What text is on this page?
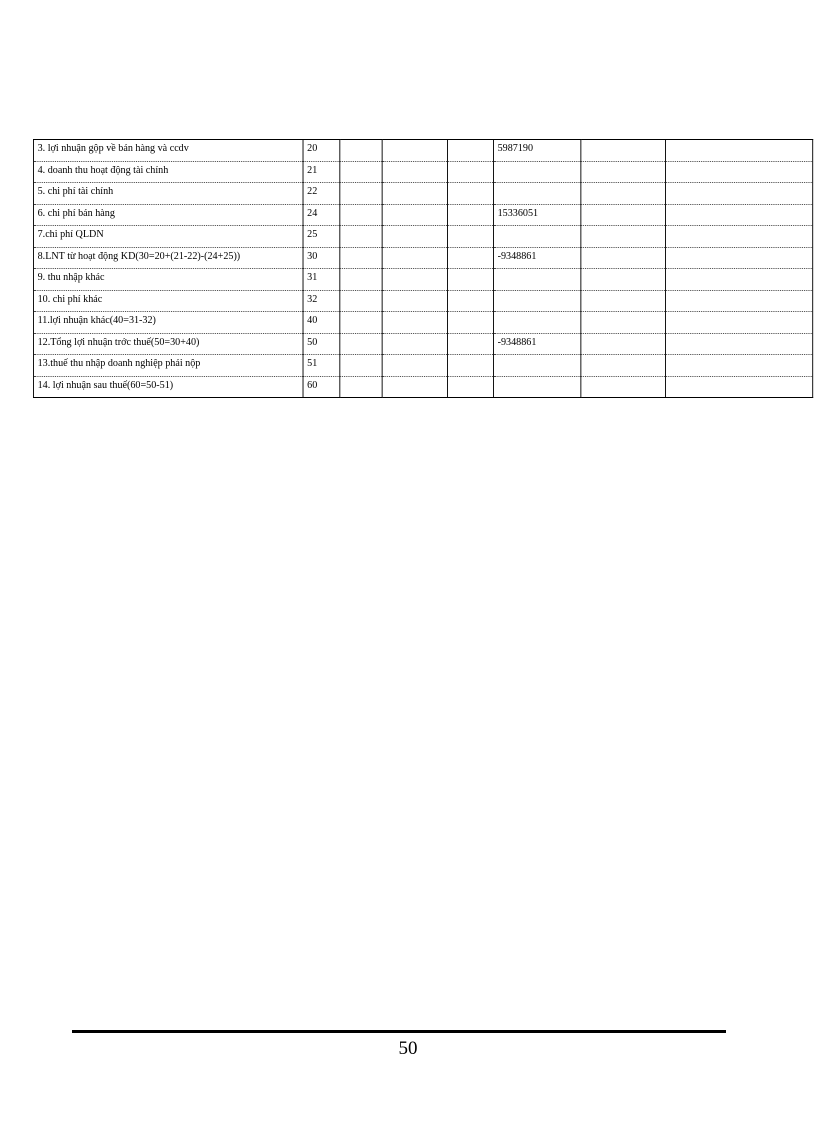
3. lợi nhuận gộp về bán hàng và ccdv	20				5987190		
4. doanh thu hoạt động tài chính	21						
5. chi phí tài chính	22						
6. chi phí bán hàng	24				15336051		
7.chi phí QLDN	25						
8.LNT từ hoạt động KD(30=20+(21-22)-(24+25))	30				-9348861		
9. thu nhập khác	31						
10. chi phí khác	32						
11.lợi nhuận khác(40=31-32)	40						
12.Tổng lợi nhuận trớc thuế(50=30+40)	50				-9348861		
13.thuế thu nhập doanh nghiệp phải nộp	51						
14. lợi nhuận sau thuế(60=50-51)	60						
50
